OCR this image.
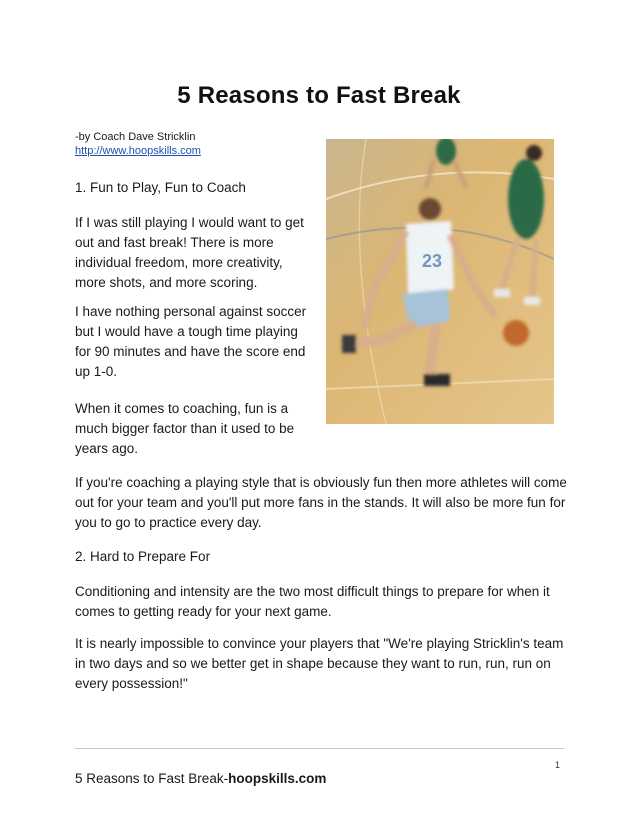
5 Reasons to Fast Break
-by Coach Dave Stricklin
http://www.hoopskills.com
1. Fun to Play, Fun to Coach
If I was still playing I would want to get out and fast break! There is more individual freedom, more creativity, more shots, and more scoring.
I have nothing personal against soccer but I would have a tough time playing for 90 minutes and have the score end up 1-0.
When it comes to coaching, fun is a much bigger factor than it used to be years ago.
23
If you're coaching a playing style that is obviously fun then more athletes will come out for your team and you'll put more fans in the stands. It will also be more fun for you to go to practice every day.
2. Hard to Prepare For
Conditioning and intensity are the two most difficult things to prepare for when it comes to getting ready for your next game.
It is nearly impossible to convince your players that "We're playing Stricklin's team in two days and so we better get in shape because they want to run, run, run on every possession!"
1
5 Reasons to Fast Break-hoopskills.com
